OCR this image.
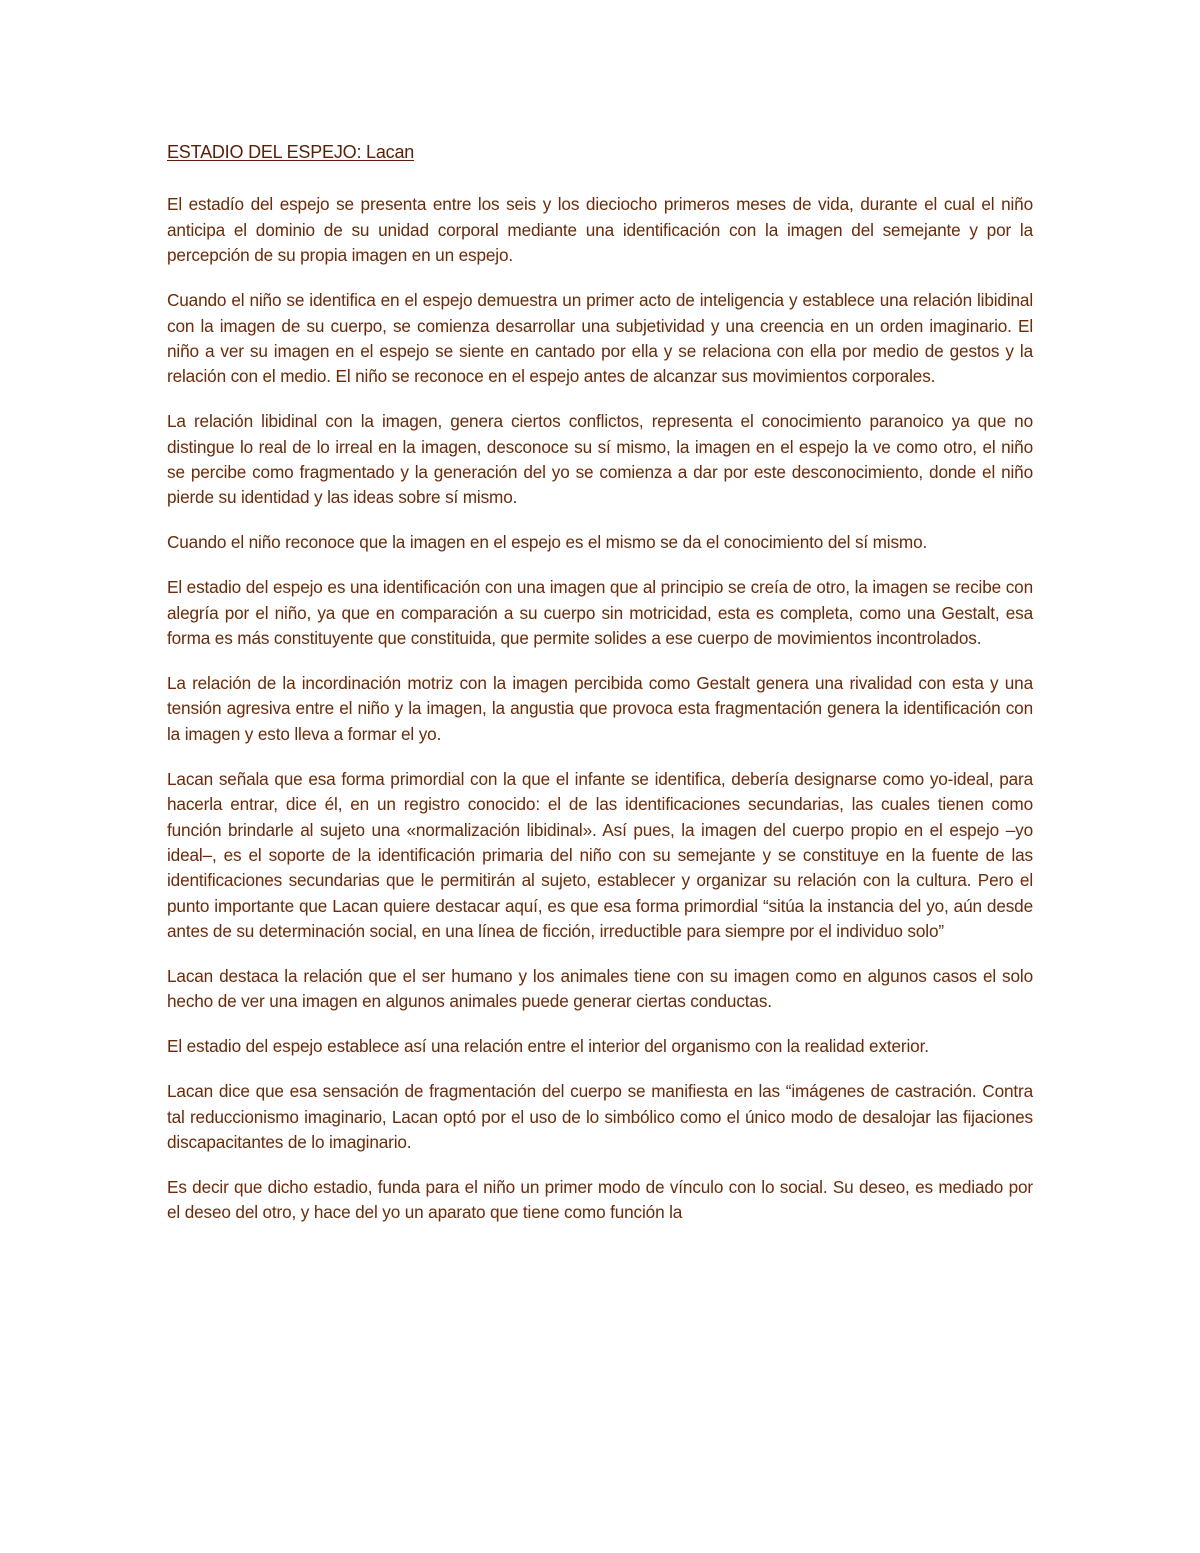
ESTADIO DEL ESPEJO: Lacan

El estadío del espejo se presenta entre los seis y los dieciocho primeros meses de vida, durante el cual el niño anticipa el dominio de su unidad corporal mediante una identificación con la imagen del semejante y por la percepción de su propia imagen en un espejo.

Cuando el niño se identifica en el espejo demuestra un primer acto de inteligencia y establece una relación libidinal con la imagen de su cuerpo, se comienza desarrollar una subjetividad y una creencia en un orden imaginario. El niño a ver su imagen en el espejo se siente en cantado por ella y se relaciona con ella por medio de gestos y la relación con el medio. El niño se reconoce en el espejo antes de alcanzar sus movimientos corporales.

La relación libidinal con la imagen, genera ciertos conflictos, representa el conocimiento paranoico ya que no distingue lo real de lo irreal en la imagen, desconoce su sí mismo, la imagen en el espejo la ve como otro, el niño se percibe como fragmentado y la generación del yo se comienza a dar por este desconocimiento, donde el niño pierde su identidad y las ideas sobre sí mismo.

Cuando el niño reconoce que la imagen en el espejo es el mismo se da el conocimiento del sí mismo.

El estadio del espejo es una identificación con una imagen que al principio se creía de otro, la imagen se recibe con alegría por el niño, ya que en comparación a su cuerpo sin motricidad, esta es completa, como una Gestalt, esa forma es más constituyente que constituida, que permite solides a ese cuerpo de movimientos incontrolados.

La relación de la incordinación motriz con la imagen percibida como Gestalt genera una rivalidad con esta y una tensión agresiva entre el niño y la imagen, la angustia que provoca esta fragmentación genera la identificación con la imagen y esto lleva a formar el yo.

Lacan señala que esa forma primordial con la que el infante se identifica, debería designarse como yo-ideal, para hacerla entrar, dice él, en un registro conocido: el de las identificaciones secundarias, las cuales tienen como función brindarle al sujeto una «normalización libidinal». Así pues, la imagen del cuerpo propio en el espejo –yo ideal–, es el soporte de la identificación primaria del niño con su semejante y se constituye en la fuente de las identificaciones secundarias que le permitirán al sujeto, establecer y organizar su relación con la cultura. Pero el punto importante que Lacan quiere destacar aquí, es que esa forma primordial “sitúa la instancia del yo, aún desde antes de su determinación social, en una línea de ficción, irreductible para siempre por el individuo solo”

Lacan destaca la relación que el ser humano y los animales tiene con su imagen como en algunos casos el solo hecho de ver una imagen en algunos animales puede generar ciertas conductas.

El estadio del espejo establece así una relación entre el interior del organismo con la realidad exterior.

Lacan dice que esa sensación de fragmentación del cuerpo se manifiesta en las “imágenes de castración. Contra tal reduccionismo imaginario, Lacan optó por el uso de lo simbólico como el único modo de desalojar las fijaciones discapacitantes de lo imaginario.

Es decir que dicho estadio, funda para el niño un primer modo de vínculo con lo social. Su deseo, es mediado por el deseo del otro, y hace del yo un aparato que tiene como función la
